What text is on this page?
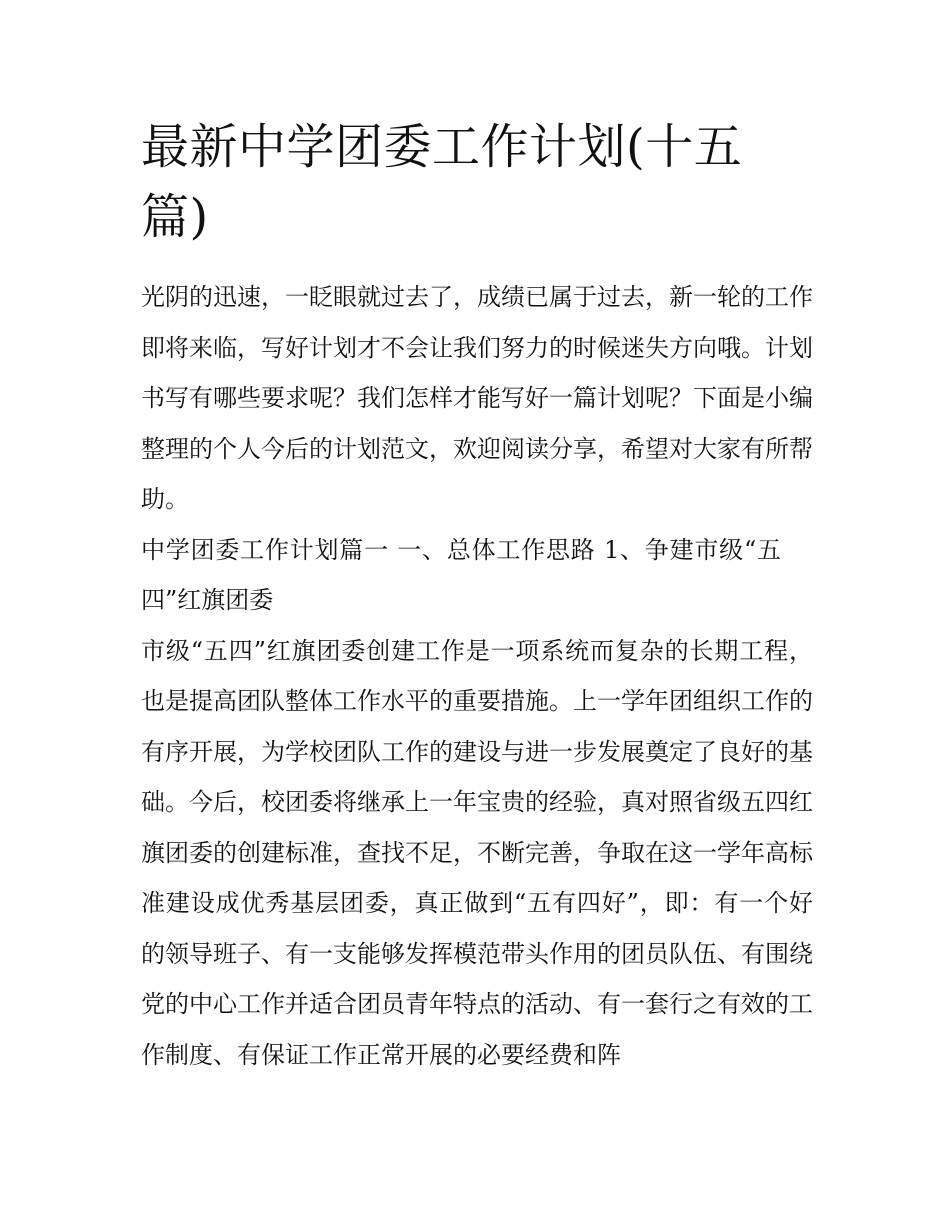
最新中学团委工作计划(十五篇)

光阴的迅速，一眨眼就过去了，成绩已属于过去，新一轮的工作即将来临，写好计划才不会让我们努力的时候迷失方向哦。计划书写有哪些要求呢？我们怎样才能写好一篇计划呢？下面是小编整理的个人今后的计划范文，欢迎阅读分享，希望对大家有所帮助。

中学团委工作计划篇一 一、总体工作思路 1、争建市级“五四”红旗团委

市级“五四”红旗团委创建工作是一项系统而复杂的长期工程，也是提高团队整体工作水平的重要措施。上一学年团组织工作的有序开展，为学校团队工作的建设与进一步发展奠定了良好的基础。今后，校团委将继承上一年宝贵的经验，真对照省级五四红旗团委的创建标准，查找不足，不断完善，争取在这一学年高标准建设成优秀基层团委，真正做到“五有四好”，即：有一个好的领导班子、有一支能够发挥模范带头作用的团员队伍、有围绕党的中心工作并适合团员青年特点的活动、有一套行之有效的工作制度、有保证工作正常开展的必要经费和阵
